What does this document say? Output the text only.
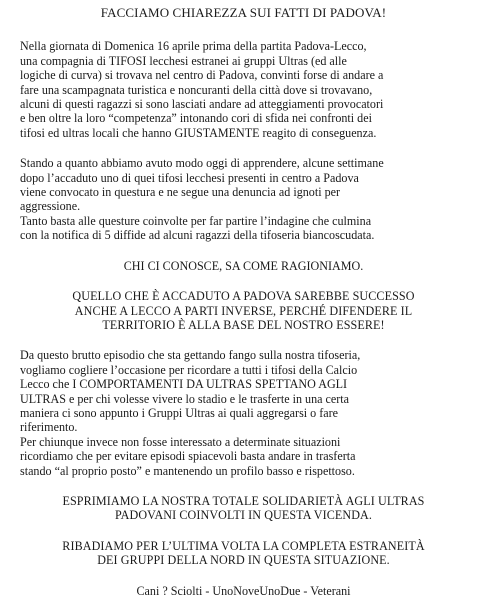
FACCIAMO CHIAREZZA SUI FATTI DI PADOVA!

Nella giornata di Domenica 16 aprile prima della partita Padova-Lecco,
una compagnia di TIFOSI lecchesi estranei ai gruppi Ultras (ed alle
logiche di curva) si trovava nel centro di Padova, convinti forse di andare a
fare una scampagnata turistica e noncuranti della città dove si trovavano,
alcuni di questi ragazzi si sono lasciati andare ad atteggiamenti provocatori
e ben oltre la loro “competenza” intonando cori di sfida nei confronti dei
tifosi ed ultras locali che hanno GIUSTAMENTE reagito di conseguenza.

Stando a quanto abbiamo avuto modo oggi di apprendere, alcune settimane
dopo l’accaduto uno di quei tifosi lecchesi presenti in centro a Padova
viene convocato in questura e ne segue una denuncia ad ignoti per
aggressione.
Tanto basta alle questure coinvolte per far partire l’indagine che culmina
con la notifica di 5 diffide ad alcuni ragazzi della tifoseria biancoscudata.

CHI CI CONOSCE, SA COME RAGIONIAMO.

QUELLO CHE È ACCADUTO A PADOVA SAREBBE SUCCESSO
ANCHE A LECCO A PARTI INVERSE, PERCHÉ DIFENDERE IL
TERRITORIO È ALLA BASE DEL NOSTRO ESSERE!

Da questo brutto episodio che sta gettando fango sulla nostra tifoseria,
vogliamo cogliere l’occasione per ricordare a tutti i tifosi della Calcio
Lecco che I COMPORTAMENTI DA ULTRAS SPETTANO AGLI
ULTRAS e per chi volesse vivere lo stadio e le trasferte in una certa
maniera ci sono appunto i Gruppi Ultras ai quali aggregarsi o fare
riferimento.
Per chiunque invece non fosse interessato a determinate situazioni
ricordiamo che per evitare episodi spiacevoli basta andare in trasferta
stando “al proprio posto” e mantenendo un profilo basso e rispettoso.

ESPRIMIAMO LA NOSTRA TOTALE SOLIDARIETÀ AGLI ULTRAS
PADOVANI COINVOLTI IN QUESTA VICENDA.

RIBADIAMO PER L’ULTIMA VOLTA LA COMPLETA ESTRANEITÀ
DEI GRUPPI DELLA NORD IN QUESTA SITUAZIONE.

Cani ? Sciolti - UnoNoveUnoDue - Veterani
